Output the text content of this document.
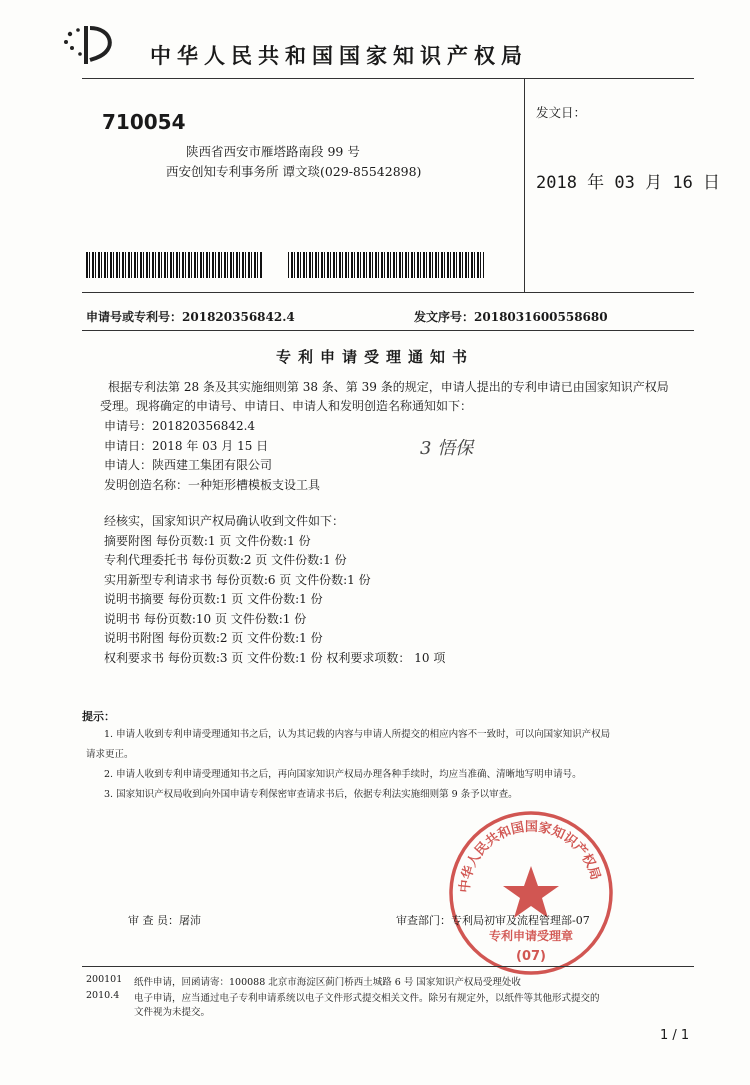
中华人民共和国国家知识产权局
710054
陕西省西安市雁塔路南段 99 号
西安创知专利事务所 谭文琰(029-85542898)
发文日：
2018 年 03 月 16 日
申请号或专利号：201820356842.4	发文序号：2018031600558680
专利申请受理通知书
根据专利法第 28 条及其实施细则第 38 条、第 39 条的规定，申请人提出的专利申请已由国家知识产权局
受理。现将确定的申请号、申请日、申请人和发明创造名称通知如下：
申请号：201820356842.4
申请日：2018 年 03 月 15 日
申请人：陕西建工集团有限公司
发明创造名称：一种矩形槽模板支设工具
3 悟保
经核实，国家知识产权局确认收到文件如下：
摘要附图 每份页数:1 页 文件份数:1 份
专利代理委托书 每份页数:2 页 文件份数:1 份
实用新型专利请求书 每份页数:6 页 文件份数:1 份
说明书摘要 每份页数:1 页 文件份数:1 份
说明书 每份页数:10 页 文件份数:1 份
说明书附图 每份页数:2 页 文件份数:1 份
权利要求书 每份页数:3 页 文件份数:1 份 权利要求项数： 10 项
提示：
1. 申请人收到专利申请受理通知书之后，认为其记载的内容与申请人所提交的相应内容不一致时，可以向国家知识产权局
请求更正。
2. 申请人收到专利申请受理通知书之后，再向国家知识产权局办理各种手续时，均应当准确、清晰地写明申请号。
3. 国家知识产权局收到向外国申请专利保密审查请求书后，依据专利法实施细则第 9 条予以审查。
中华人民共和国国家知识产权局
专利申请受理章
(07)
审 查 员：屠沛	审查部门：专利局初审及流程管理部-07
200101
2010.4
纸件申请，回函请寄：100088 北京市海淀区蓟门桥西土城路 6 号 国家知识产权局受理处收
电子申请，应当通过电子专利申请系统以电子文件形式提交相关文件。除另有规定外，以纸件等其他形式提交的
文件视为未提交。
1 / 1
